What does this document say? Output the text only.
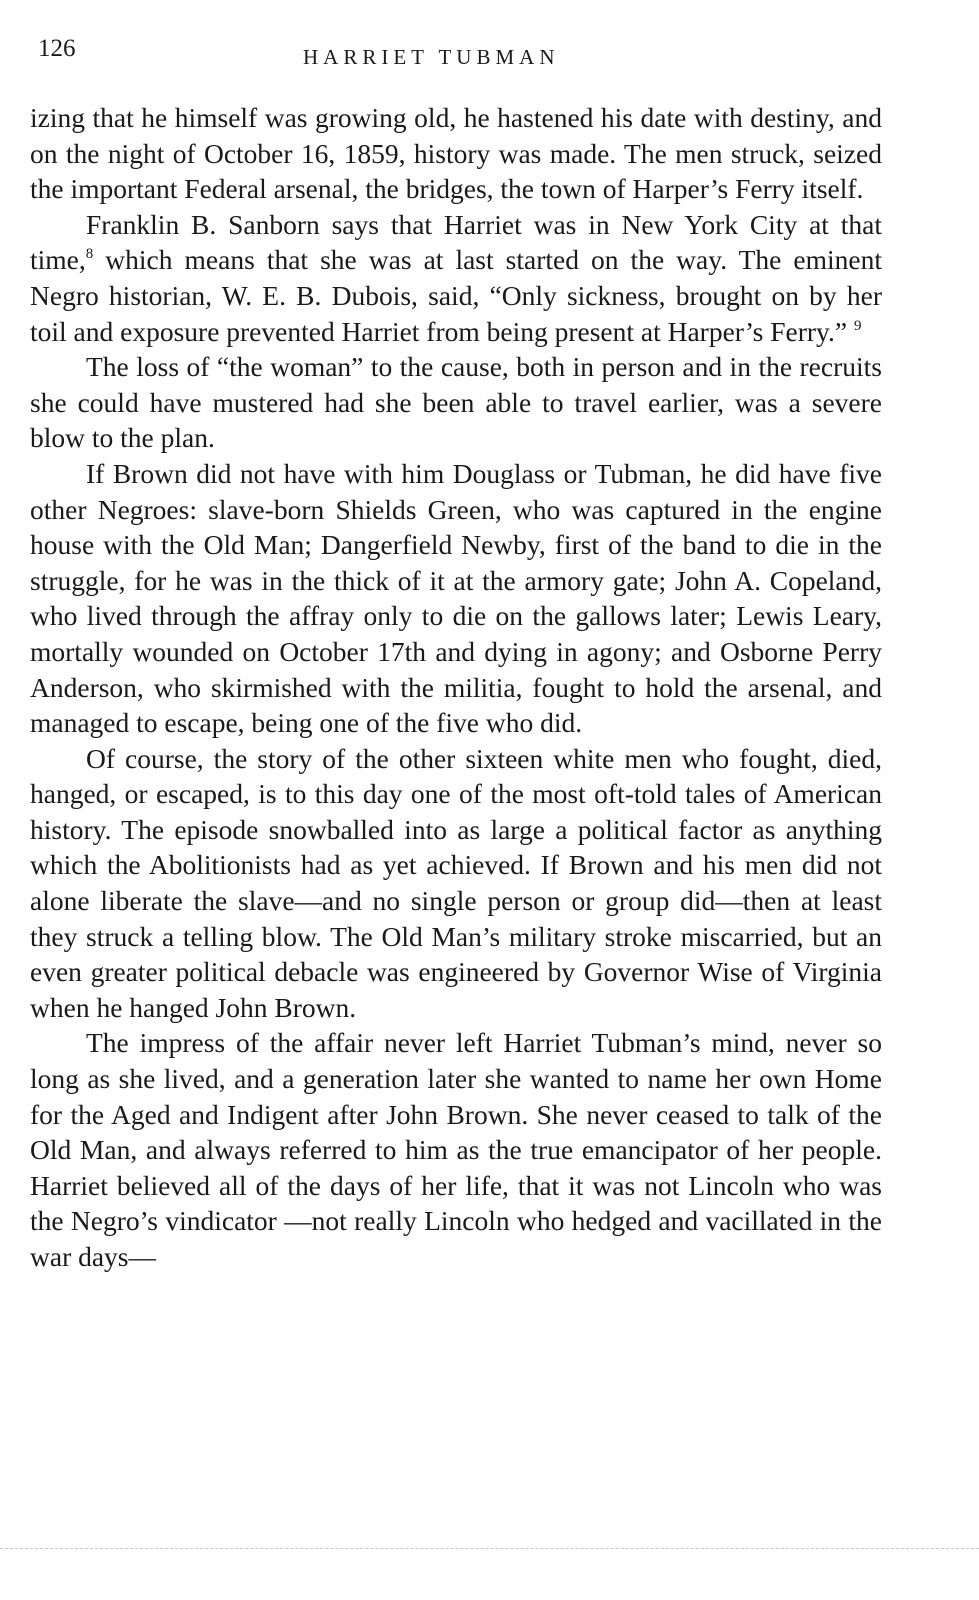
126	HARRIET TUBMAN

izing that he himself was growing old, he hastened his date with destiny, and on the night of October 16, 1859, history was made. The men struck, seized the important Federal arsenal, the bridges, the town of Harper’s Ferry itself.

Franklin B. Sanborn says that Harriet was in New York City at that time,$^8$ which means that she was at last started on the way. The eminent Negro historian, W. E. B. Dubois, said, “Only sickness, brought on by her toil and exposure prevented Harriet from being present at Harper’s Ferry.” $^9$

The loss of “the woman” to the cause, both in person and in the recruits she could have mustered had she been able to travel earlier, was a severe blow to the plan.

If Brown did not have with him Douglass or Tubman, he did have five other Negroes: slave-born Shields Green, who was captured in the engine house with the Old Man; Dangerfield Newby, first of the band to die in the struggle, for he was in the thick of it at the armory gate; John A. Copeland, who lived through the affray only to die on the gallows later; Lewis Leary, mortally wounded on October 17th and dying in agony; and Osborne Perry Anderson, who skirmished with the militia, fought to hold the arsenal, and managed to escape, being one of the five who did.

Of course, the story of the other sixteen white men who fought, died, hanged, or escaped, is to this day one of the most oft-told tales of American history. The episode snowballed into as large a political factor as anything which the Abolitionists had as yet achieved. If Brown and his men did not alone liberate the slave—and no single person or group did—then at least they struck a telling blow. The Old Man’s military stroke miscarried, but an even greater political debacle was engineered by Governor Wise of Virginia when he hanged John Brown.

The impress of the affair never left Harriet Tubman’s mind, never so long as she lived, and a generation later she wanted to name her own Home for the Aged and Indigent after John Brown. She never ceased to talk of the Old Man, and always referred to him as the true emancipator of her people. Harriet believed all of the days of her life, that it was not Lincoln who was the Negro’s vindicator —not really Lincoln who hedged and vacillated in the war days—
